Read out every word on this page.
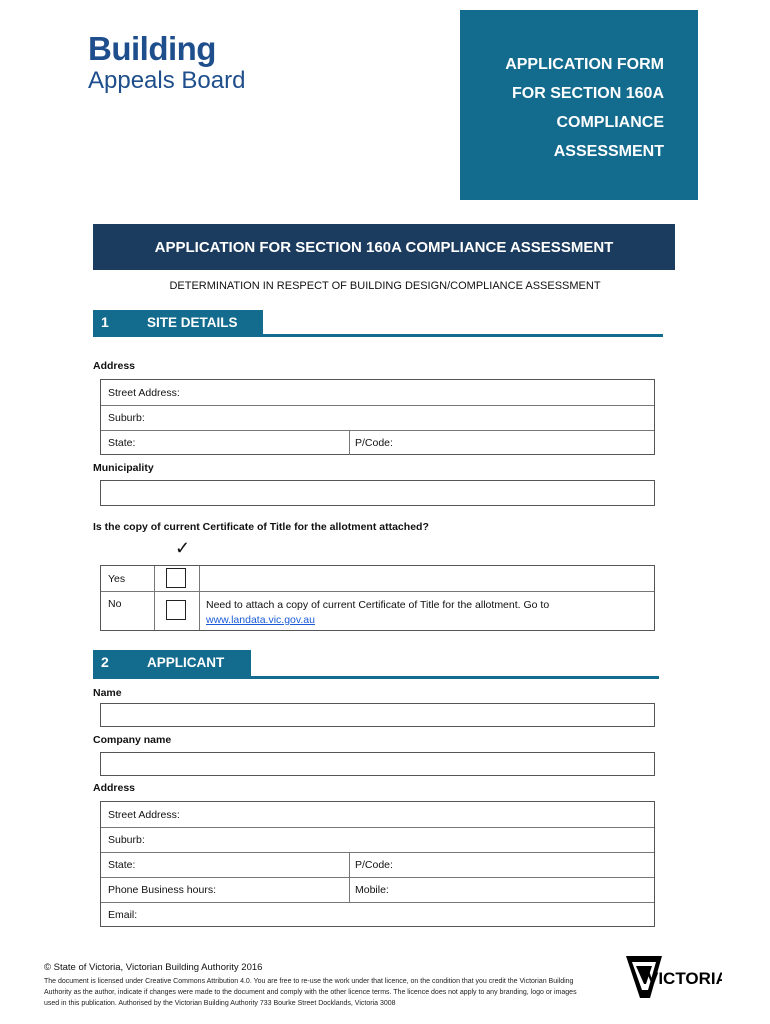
Building
Appeals Board
APPLICATION FORM
FOR SECTION 160A
COMPLIANCE
ASSESSMENT
APPLICATION FOR SECTION 160A COMPLIANCE ASSESSMENT
DETERMINATION IN RESPECT OF BUILDING DESIGN/COMPLIANCE ASSESSMENT
1	SITE DETAILS
Address
Street Address:
Suburb:
State:	P/Code:
Municipality
Is the copy of current Certificate of Title for the allotment attached?
✓
Yes
No	Need to attach a copy of current Certificate of Title for the allotment. Go to
www.landata.vic.gov.au
2	APPLICANT
Name
Company name
Address
Street Address:
Suburb:
State:	P/Code:
Phone Business hours:	Mobile:
Email:
© State of Victoria, Victorian Building Authority 2016
The document is licensed under Creative Commons Attribution 4.0. You are free to re-use the work under that licence, on the condition that you credit the Victorian Building Authority as the author, indicate if changes were made to the document and comply with the other licence terms. The licence does not apply to any branding, logo or images used in this publication. Authorised by the Victorian Building Authority 733 Bourke Street Docklands, Victoria 3008
VICTORIA
